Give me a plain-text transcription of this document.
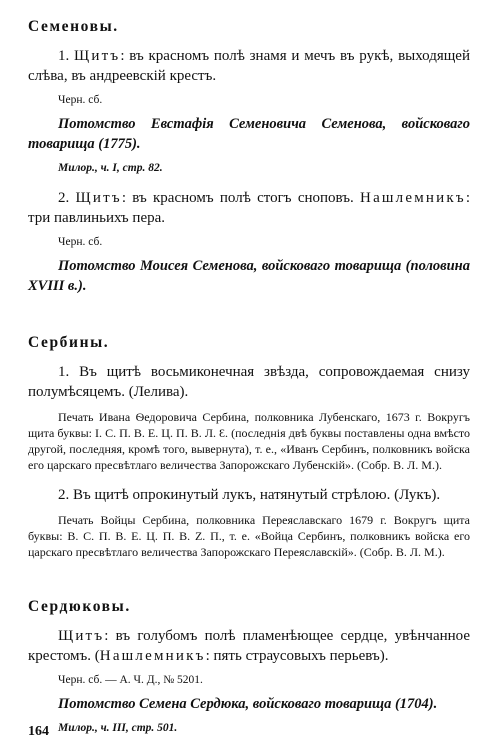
Семеновы.

1. Щитъ: въ красномъ полѣ знамя и мечъ въ рукѣ, выходящей слѣва, въ андреевскій крестъ.

Черн. сб.

Потомство Евстафія Семеновича Семенова, войсковаго товарища (1775).

Милор., ч. I, стр. 82.

2. Щитъ: въ красномъ полѣ стогъ сноповъ. Нашлемникъ: три павлиньихъ пера.

Черн. сб.

Потомство Моисея Семенова, войсковаго товарища (половина XVIII в.).

Сербины.

1. Въ щитѣ восьмиконечная звѣзда, сопровождаемая снизу полумѣсяцемъ. (Лелива).

Печать Ивана Ѳедоровича Сербина, полковника Лубенскаго, 1673 г. Вокругъ щита буквы: І. С. П. В. Е. Ц. П. В. Л. Ɛ. (последнія двѣ буквы поставлены одна вмѣсто другой, последняя, кромѣ того, вывернута), т. е., «Иванъ Сербинъ, полковникъ войска его царскаго пресвѣтлаго величества Запорожскаго Лубенскій». (Собр. В. Л. М.).

2. Въ щитѣ опрокинутый лукъ, натянутый стрѣлою. (Лукъ).

Печать Войцы Сербина, полковника Переяславскаго 1679 г. Вокругъ щита буквы: В. С. П. В. Е. Ц. П. В. Z. П., т. е. «Войца Сербинъ, полковникъ войска его царскаго пресвѣтлаго величества Запорожскаго Переяславскій». (Собр. В. Л. М.).

Сердюковы.

Щитъ: въ голубомъ полѣ пламенѣющее сердце, увѣнчанное крестомъ. (Нашлемникъ: пять страусовыхъ перьевъ).

Черн. сб. — А. Ч. Д., № 5201.

Потомство Семена Сердюка, войсковаго товарища (1704).

Милор., ч. III, стр. 501.
164
